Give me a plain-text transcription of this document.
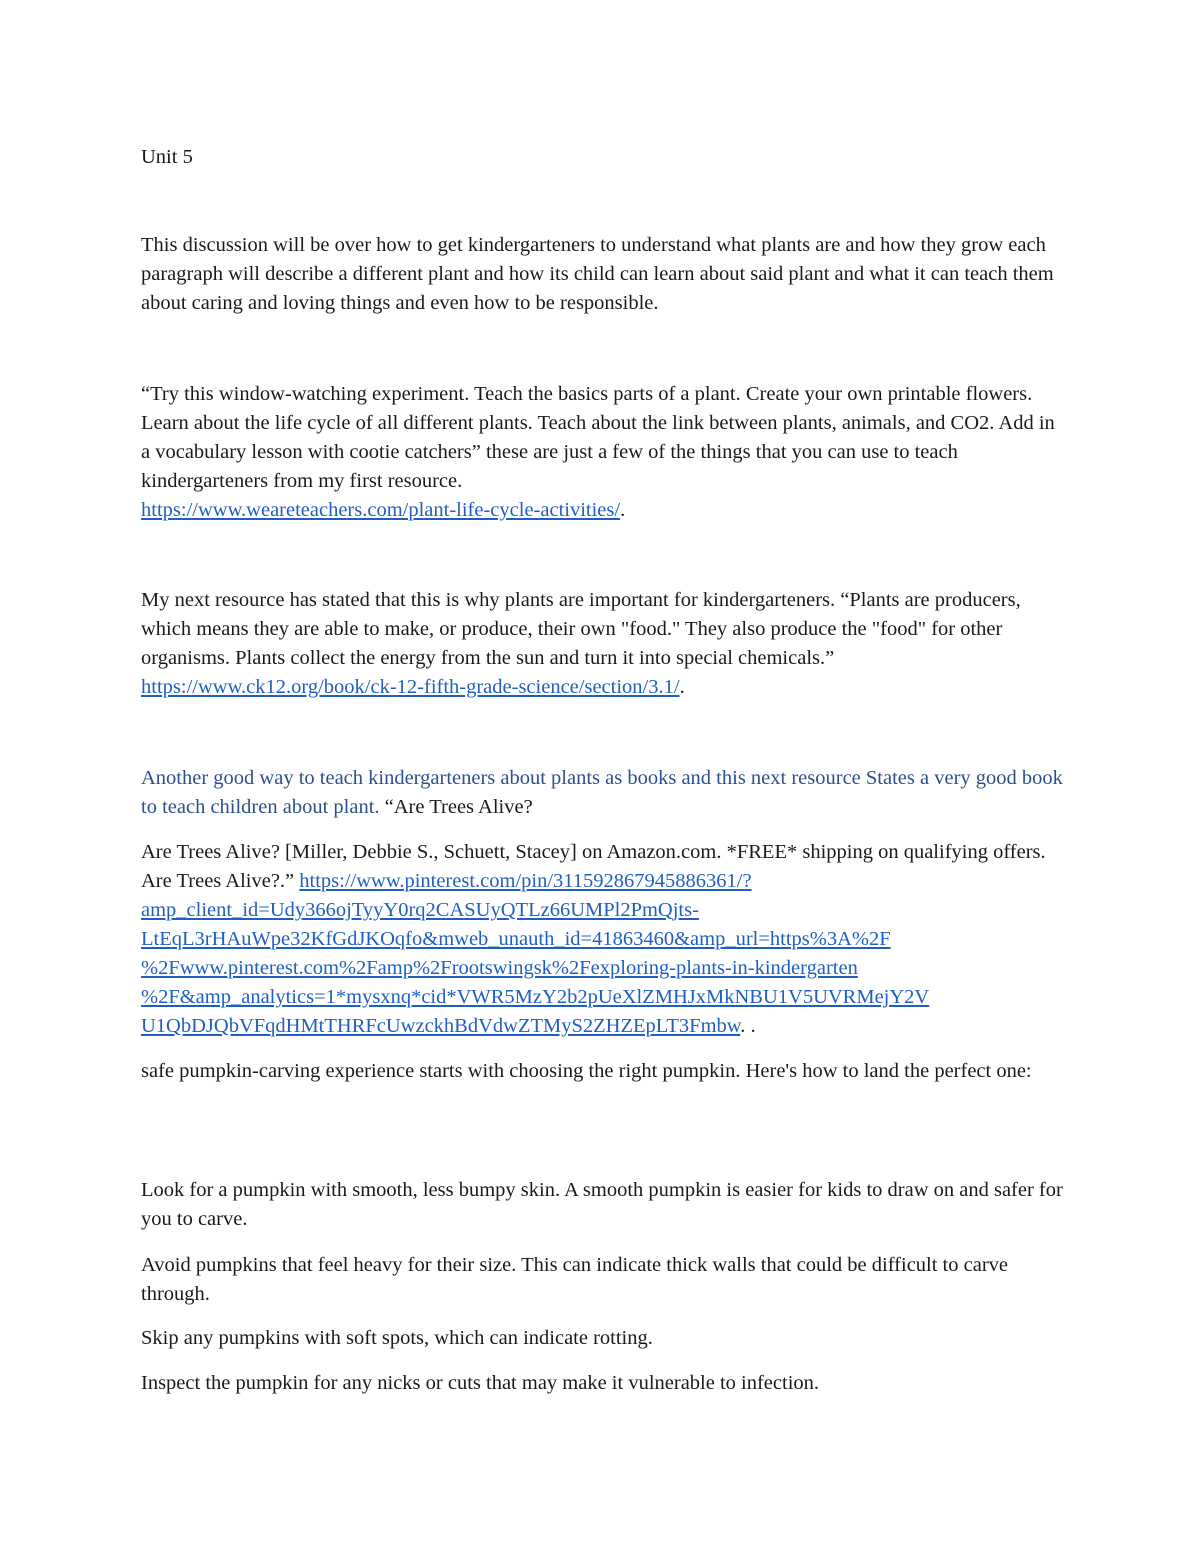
Unit 5

This discussion will be over how to get kindergarteners to understand what plants are and how they grow each paragraph will describe a different plant and how its child can learn about said plant and what it can teach them about caring and loving things and even how to be responsible.

“Try this window-watching experiment. Teach the basics parts of a plant. Create your own printable flowers. Learn about the life cycle of all different plants. Teach about the link between plants, animals, and CO2. Add in a vocabulary lesson with cootie catchers” these are just a few of the things that you can use to teach kindergarteners from my first resource.
https://www.weareteachers.com/plant-life-cycle-activities/.

My next resource has stated that this is why plants are important for kindergarteners. “Plants are producers, which means they are able to make, or produce, their own "food." They also produce the "food" for other organisms. Plants collect the energy from the sun and turn it into special chemicals.” https://www.ck12.org/book/ck-12-fifth-grade-science/section/3.1/.

Another good way to teach kindergarteners about plants as books and this next resource States a very good book to teach children about plant. “Are Trees Alive?

Are Trees Alive? [Miller, Debbie S., Schuett, Stacey] on Amazon.com. *FREE* shipping on qualifying offers. Are Trees Alive?.” https://www.pinterest.com/pin/311592867945886361/?
amp_client_id=Udy366ojTyyY0rq2CASUyQTLz66UMPl2PmQjts-
LtEqL3rHAuWpe32KfGdJKOqfo&mweb_unauth_id=41863460&amp_url=https%3A%2F
%2Fwww.pinterest.com%2Famp%2Frootswingsk%2Fexploring-plants-in-kindergarten
%2F&amp_analytics=1*mysxnq*cid*VWR5MzY2b2pUeXlZMHJxMkNBU1V5UVRMejY2V
U1QbDJQbVFqdHMtTHRFcUwzckhBdVdwZTMyS2ZHZEpLT3Fmbw. .

safe pumpkin-carving experience starts with choosing the right pumpkin. Here's how to land the perfect one:

Look for a pumpkin with smooth, less bumpy skin. A smooth pumpkin is easier for kids to draw on and safer for you to carve.

Avoid pumpkins that feel heavy for their size. This can indicate thick walls that could be difficult to carve through.

Skip any pumpkins with soft spots, which can indicate rotting.

Inspect the pumpkin for any nicks or cuts that may make it vulnerable to infection.
